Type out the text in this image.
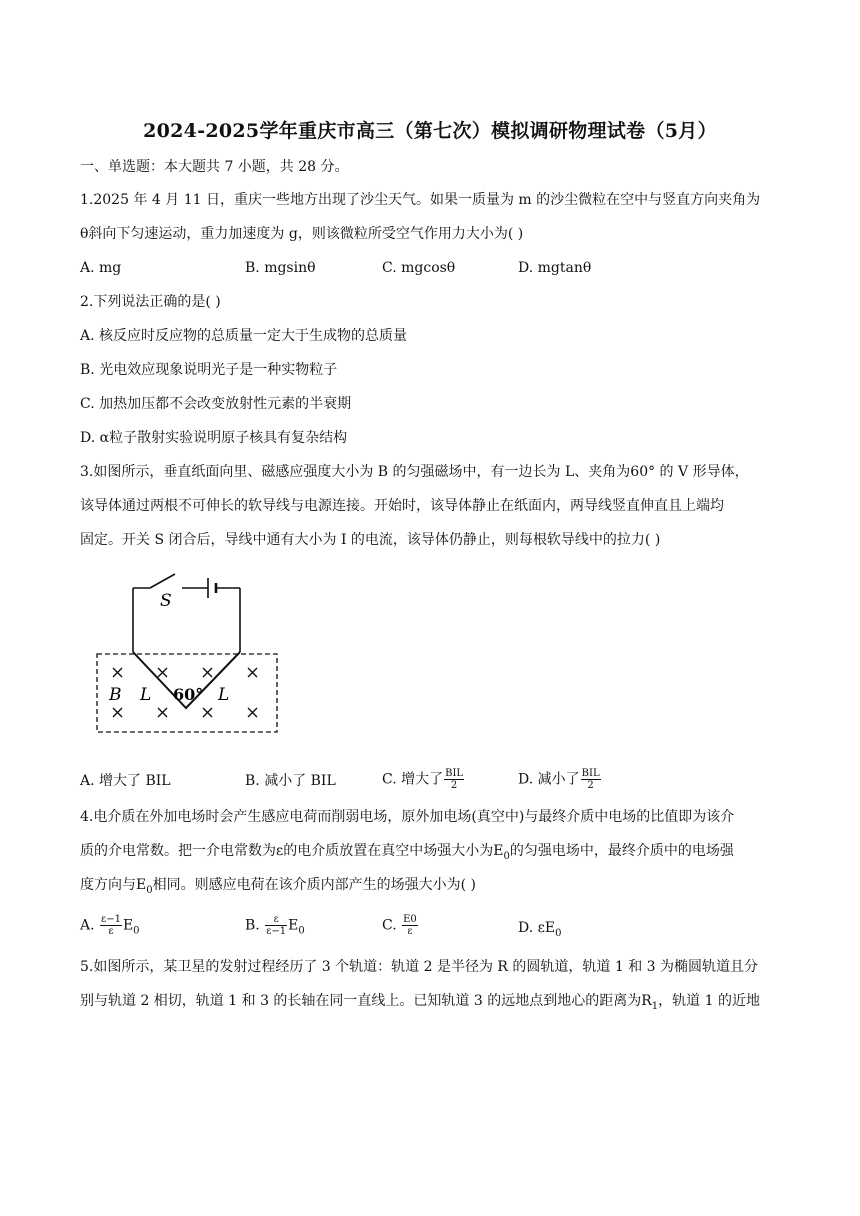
2024-2025学年重庆市高三（第七次）模拟调研物理试卷（5月）
一、单选题：本大题共 7 小题，共 28 分。
1.2025 年 4 月 11 日，重庆一些地方出现了沙尘天气。如果一质量为 m 的沙尘微粒在空中与竖直方向夹角为
θ斜向下匀速运动，重力加速度为 g，则该微粒所受空气作用力大小为( )
A. mg	B. mgsinθ	C. mgcosθ	D. mgtanθ
2.下列说法正确的是( )
A. 核反应时反应物的总质量一定大于生成物的总质量
B. 光电效应现象说明光子是一种实物粒子
C. 加热加压都不会改变放射性元素的半衰期
D. α粒子散射实验说明原子核具有复杂结构
3.如图所示，垂直纸面向里、磁感应强度大小为 B 的匀强磁场中，有一边长为 L、夹角为60° 的 V 形导体，
该导体通过两根不可伸长的软导线与电源连接。开始时，该导体静止在纸面内，两导线竖直伸直且上端均
固定。开关 S 闭合后，导线中通有大小为 I 的电流，该导体仍静止，则每根软导线中的拉力( )
S
B L	L
60°
A. 增大了 BIL	B. 减小了 BIL	C. 增大了 $\frac{\text{BIL}}{2}$	D. 减小了 $\frac{\text{BIL}}{2}$
4.电介质在外加电场时会产生感应电荷而削弱电场，原外加电场(真空中)与最终介质中电场的比值即为该介
质的介电常数。把一介电常数为ε的电介质放置在真空中场强大小为$E_0$的匀强电场中，最终介质中的电场强
度方向与$E_0$相同。则感应电荷在该介质内部产生的场强大小为( )
A. $\frac{\varepsilon-1}{\varepsilon} E_0$	B. $\frac{\varepsilon}{\varepsilon-1} E_0$	C. $\frac{E0}{\varepsilon}$	D. $\varepsilon E_0$
5.如图所示，某卫星的发射过程经历了 3 个轨道：轨道 2 是半径为 R 的圆轨道，轨道 1 和 3 为椭圆轨道且分
别与轨道 2 相切，轨道 1 和 3 的长轴在同一直线上。已知轨道 3 的远地点到地心的距离为$R_1$，轨道 1 的近地
